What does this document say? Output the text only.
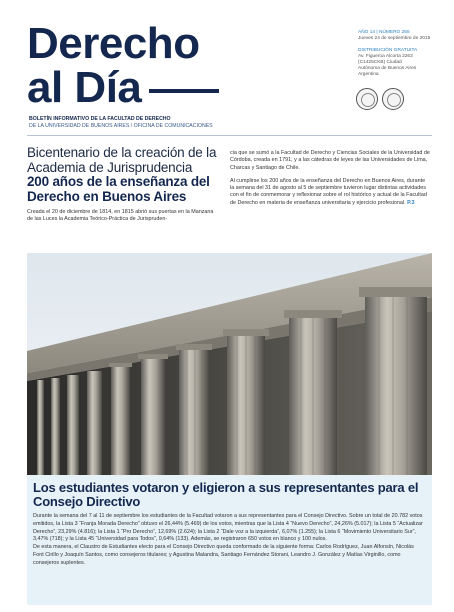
Derecho
al Día
BOLETÍN INFORMATIVO DE LA FACULTAD DE DERECHO
DE LA UNIVERSIDAD DE BUENOS AIRES / OFICINA DE COMUNICACIONES

AÑO 14 | NÚMERO 255

Jueves 24 de septiembre de 2015

DISTRIBUCIÓN GRATUITA

Av. Figueroa Alcorta 2263

(C1425CKB) Ciudad

Autónoma de Buenos Aires

Argentina

Bicentenario de la creación de la Academia de Jurisprudencia
200 años de la enseñanza del Derecho en Buenos Aires

Creada el 20 de diciembre de 1814, en 1815 abrió sus puertas en la Manzana de las Luces la Academia Teórico-Práctica de Jurispruden-

cia que se sumó a la Facultad de Derecho y Ciencias Sociales de la Universidad de Córdoba, creada en 1791, y a las cátedras de leyes de las Universidades de Lima, Charcas y Santiago de Chile.

Al cumplirse los 200 años de la enseñanza del Derecho en Buenos Aires, durante la semana del 31 de agosto al 5 de septiembre tuvieron lugar distintas actividades con el fin de conmemorar y reflexionar sobre el rol histórico y actual de la Facultad de Derecho en materia de enseñanza universitaria y ejercicio profesional. P.3

Los estudiantes votaron y eligieron a sus representantes para el Consejo Directivo

Durante la semana del 7 al 11 de septiembre los estudiantes de la Facultad votaron a sus representantes para el Consejo Directivo. Sobre un total de 20.782 votos emitidos, la Lista 3 “Franja Morada Derecho” obtuvo el 26,44% (5.469) de los votos, mientras que la Lista 4 “Nuevo Derecho”, 24,26% (5.017); la Lista 5 “Actualizar Derecho”, 23,29% (4.816); la Lista 1 “Pro Derecho”, 12,69% (2.624); la Lista 2 “Dale voz a la izquierda”, 6,07% (1.255); la Lista 6 “Movimiento Universitario Sur”, 3,47% (718); y la Lista 45 “Universidad para Todos”, 0,64% (133). Además, se registraron 650 votos en blanco y 100 nulos.

De esta manera, el Claustro de Estudiantes electo para el Consejo Directivo queda conformado de la siguiente forma: Carlos Rodríguez, Juan Alfonsín, Nicolás Font Cirillo y Joaquín Santos, como consejeros titulares; y Agustina Malandra, Santiago Fernández Storani, Leandro J. González y Matías Virginillo, como consejeros suplentes.
